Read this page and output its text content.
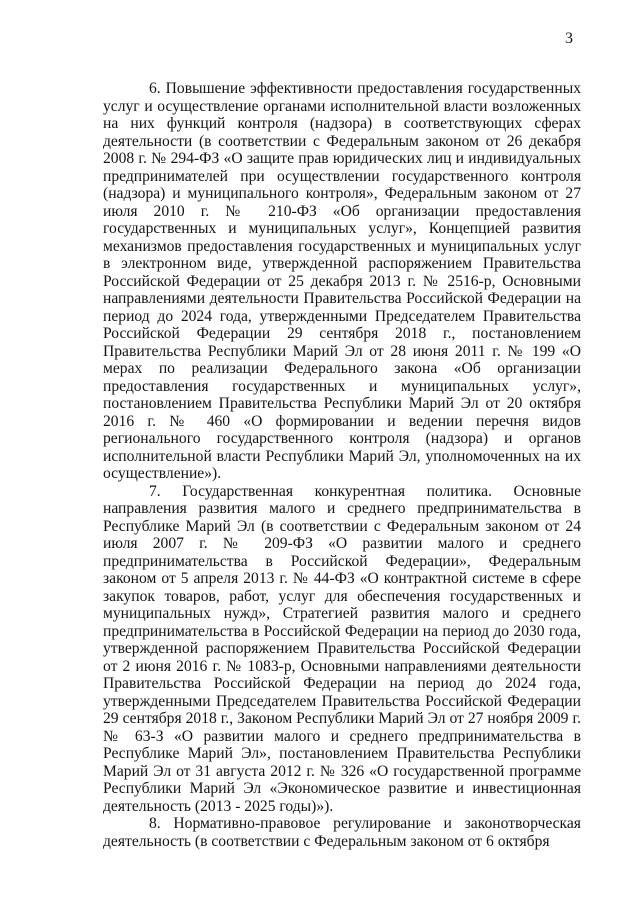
3

6. Повышение эффективности предоставления государственных услуг и осуществление органами исполнительной власти возложенных на них функций контроля (надзора) в соответствующих сферах деятельности (в соответствии с Федеральным законом от 26 декабря 2008 г. № 294-ФЗ «О защите прав юридических лиц и индивидуальных предпринимателей при осуществлении государственного контроля (надзора) и муниципального контроля», Федеральным законом от 27 июля 2010 г. № 210-ФЗ «Об организации предоставления государственных и муниципальных услуг», Концепцией развития механизмов предоставления государственных и муниципальных услуг в электронном виде, утвержденной распоряжением Правительства Российской Федерации от 25 декабря 2013 г. № 2516-р, Основными направлениями деятельности Правительства Российской Федерации на период до 2024 года, утвержденными Председателем Правительства Российской Федерации 29 сентября 2018 г., постановлением Правительства Республики Марий Эл от 28 июня 2011 г. № 199 «О мерах по реализации Федерального закона «Об организации предоставления государственных и муниципальных услуг», постановлением Правительства Республики Марий Эл от 20 октября 2016 г. № 460 «О формировании и ведении перечня видов регионального государственного контроля (надзора) и органов исполнительной власти Республики Марий Эл, уполномоченных на их осуществление»).

7. Государственная конкурентная политика. Основные направления развития малого и среднего предпринимательства в Республике Марий Эл (в соответствии с Федеральным законом от 24 июля 2007 г. № 209-ФЗ «О развитии малого и среднего предпринимательства в Российской Федерации», Федеральным законом от 5 апреля 2013 г. № 44-ФЗ «О контрактной системе в сфере закупок товаров, работ, услуг для обеспечения государственных и муниципальных нужд», Стратегией развития малого и среднего предпринимательства в Российской Федерации на период до 2030 года, утвержденной распоряжением Правительства Российской Федерации от 2 июня 2016 г. № 1083-р, Основными направлениями деятельности Правительства Российской Федерации на период до 2024 года, утвержденными Председателем Правительства Российской Федерации 29 сентября 2018 г., Законом Республики Марий Эл от 27 ноября 2009 г. № 63-З «О развитии малого и среднего предпринимательства в Республике Марий Эл», постановлением Правительства Республики Марий Эл от 31 августа 2012 г. № 326 «О государственной программе Республики Марий Эл «Экономическое развитие и инвестиционная деятельность (2013 - 2025 годы)»).

8. Нормативно-правовое регулирование и законотворческая деятельность (в соответствии с Федеральным законом от 6 октября
